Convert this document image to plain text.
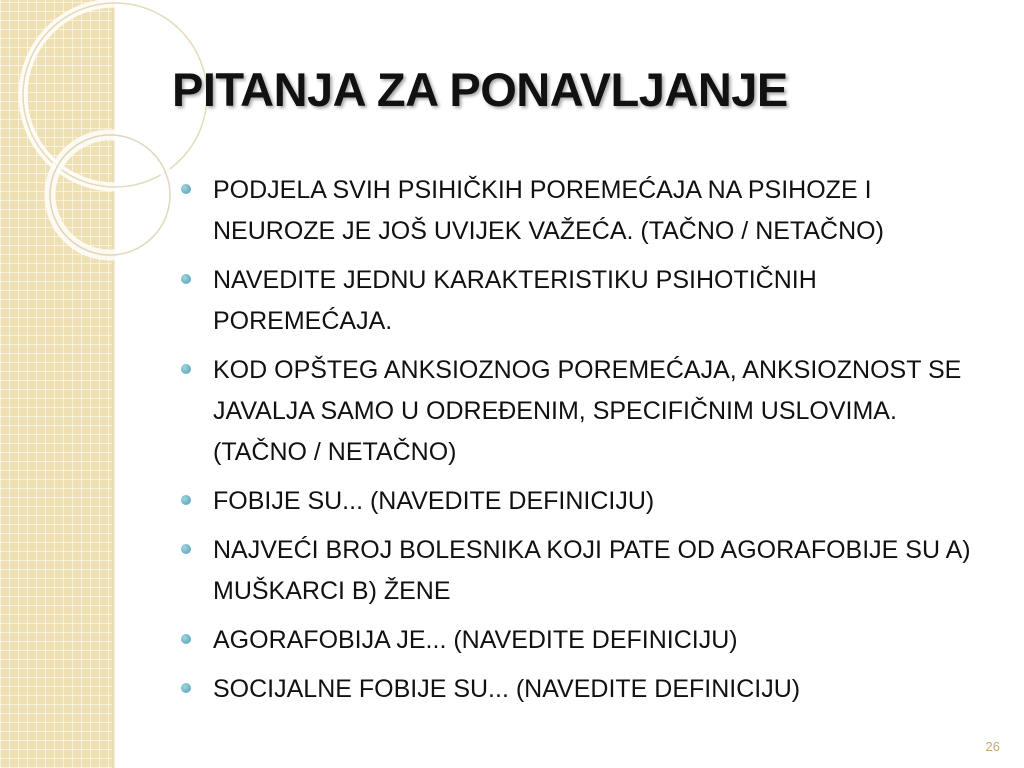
PITANJA ZA PONAVLJANJE
PODJELA SVIH PSIHIČKIH POREMEĆAJA NA PSIHOZE I NEUROZE JE JOŠ UVIJEK VAŽEĆA. (TAČNO / NETAČNO)
NAVEDITE JEDNU KARAKTERISTIKU PSIHOTIČNIH POREMEĆAJA.
KOD OPŠTEG ANKSIOZNOG POREMEĆAJA, ANKSIOZNOST SE JAVALJA SAMO U ODREĐENIM, SPECIFIČNIM USLOVIMA. (TAČNO / NETAČNO)
FOBIJE SU... (NAVEDITE DEFINICIJU)
NAJVEĆI BROJ BOLESNIKA KOJI PATE OD AGORAFOBIJE SU A) MUŠKARCI B) ŽENE
AGORAFOBIJA JE... (NAVEDITE DEFINICIJU)
SOCIJALNE FOBIJE SU... (NAVEDITE DEFINICIJU)
26
